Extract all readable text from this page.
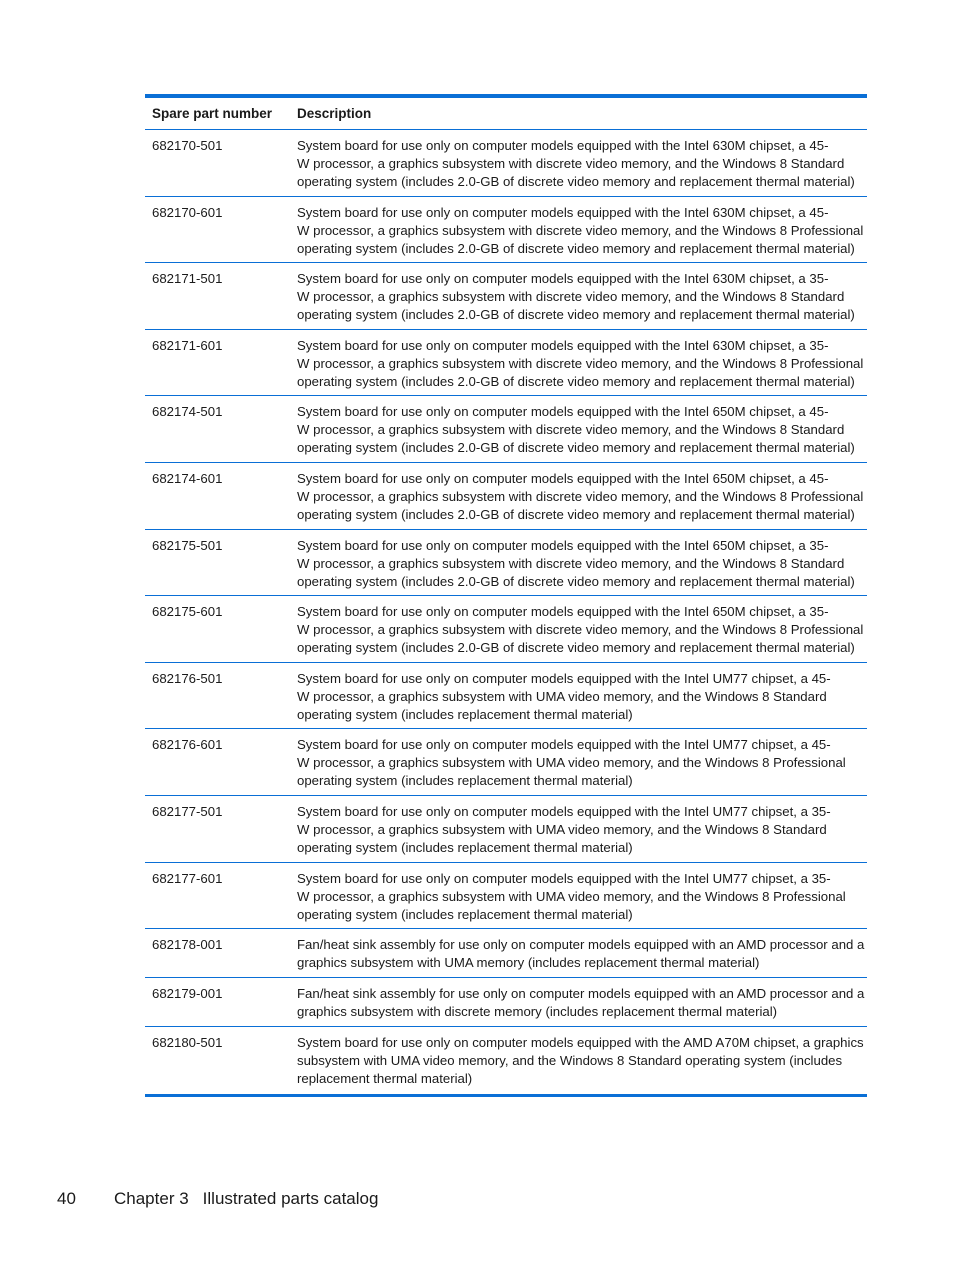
Spare part number	Description
682170-501	System board for use only on computer models equipped with the Intel 630M chipset, a 45-
W processor, a graphics subsystem with discrete video memory, and the Windows 8 Standard
operating system (includes 2.0-GB of discrete video memory and replacement thermal material)
682170-601	System board for use only on computer models equipped with the Intel 630M chipset, a 45-
W processor, a graphics subsystem with discrete video memory, and the Windows 8 Professional
operating system (includes 2.0-GB of discrete video memory and replacement thermal material)
682171-501	System board for use only on computer models equipped with the Intel 630M chipset, a 35-
W processor, a graphics subsystem with discrete video memory, and the Windows 8 Standard
operating system (includes 2.0-GB of discrete video memory and replacement thermal material)
682171-601	System board for use only on computer models equipped with the Intel 630M chipset, a 35-
W processor, a graphics subsystem with discrete video memory, and the Windows 8 Professional
operating system (includes 2.0-GB of discrete video memory and replacement thermal material)
682174-501	System board for use only on computer models equipped with the Intel 650M chipset, a 45-
W processor, a graphics subsystem with discrete video memory, and the Windows 8 Standard
operating system (includes 2.0-GB of discrete video memory and replacement thermal material)
682174-601	System board for use only on computer models equipped with the Intel 650M chipset, a 45-
W processor, a graphics subsystem with discrete video memory, and the Windows 8 Professional
operating system (includes 2.0-GB of discrete video memory and replacement thermal material)
682175-501	System board for use only on computer models equipped with the Intel 650M chipset, a 35-
W processor, a graphics subsystem with discrete video memory, and the Windows 8 Standard
operating system (includes 2.0-GB of discrete video memory and replacement thermal material)
682175-601	System board for use only on computer models equipped with the Intel 650M chipset, a 35-
W processor, a graphics subsystem with discrete video memory, and the Windows 8 Professional
operating system (includes 2.0-GB of discrete video memory and replacement thermal material)
682176-501	System board for use only on computer models equipped with the Intel UM77 chipset, a 45-
W processor, a graphics subsystem with UMA video memory, and the Windows 8 Standard
operating system (includes replacement thermal material)
682176-601	System board for use only on computer models equipped with the Intel UM77 chipset, a 45-
W processor, a graphics subsystem with UMA video memory, and the Windows 8 Professional
operating system (includes replacement thermal material)
682177-501	System board for use only on computer models equipped with the Intel UM77 chipset, a 35-
W processor, a graphics subsystem with UMA video memory, and the Windows 8 Standard
operating system (includes replacement thermal material)
682177-601	System board for use only on computer models equipped with the Intel UM77 chipset, a 35-
W processor, a graphics subsystem with UMA video memory, and the Windows 8 Professional
operating system (includes replacement thermal material)
682178-001	Fan/heat sink assembly for use only on computer models equipped with an AMD processor and a
graphics subsystem with UMA memory (includes replacement thermal material)
682179-001	Fan/heat sink assembly for use only on computer models equipped with an AMD processor and a
graphics subsystem with discrete memory (includes replacement thermal material)
682180-501	System board for use only on computer models equipped with the AMD A70M chipset, a graphics
subsystem with UMA video memory, and the Windows 8 Standard operating system (includes
replacement thermal material)
40 Chapter 3 Illustrated parts catalog
